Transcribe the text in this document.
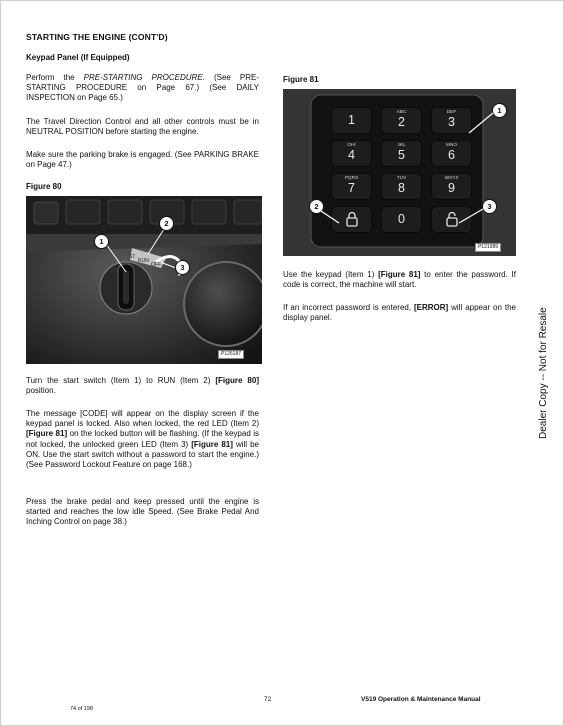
STARTING THE ENGINE (CONT'D)
Keypad Panel (If Equipped)
Perform the PRE-STARTING PROCEDURE. (See PRE-STARTING PROCEDURE on Page 67.) (See DAILY INSPECTION on Page 65.)
The Travel Direction Control and all other controls must be in NEUTRAL POSITION before starting the engine.
Make sure the parking brake is engaged. (See PARKING BRAKE on Page 47.)
Figure 80
ST
RUN
OFF
1
2
3
P126187
Turn the start switch (Item 1) to RUN (Item 2) [Figure 80] position.
The message [CODE] will appear on the display screen if the keypad panel is locked. Also when locked, the red LED (Item 2) [Figure 81] on the locked button will be flashing. (If the keypad is not locked, the unlocked green LED (Item 3) [Figure 81] will be ON. Use the start switch without a password to start the engine.) (See Password Lockout Feature on page 168.)
Press the brake pedal and keep pressed until the engine is started and reaches the low idle Speed. (See Brake Pedal And Inching Control on page 38.)
Figure 81
1
ABC
2
DEF
3
GHI
4
JKL
5
MNO
6
PQRS
7
TUV
8
WXYZ
9
0
1
2	3
P121989
Use the keypad (Item 1) [Figure 81] to enter the password. If code is correct, the machine will start.
If an incorrect password is entered, [ERROR] will appear on the display panel.	Dealer Copy -- Not for Resale
74 of 198
72	V519 Operation & Maintenance Manual
